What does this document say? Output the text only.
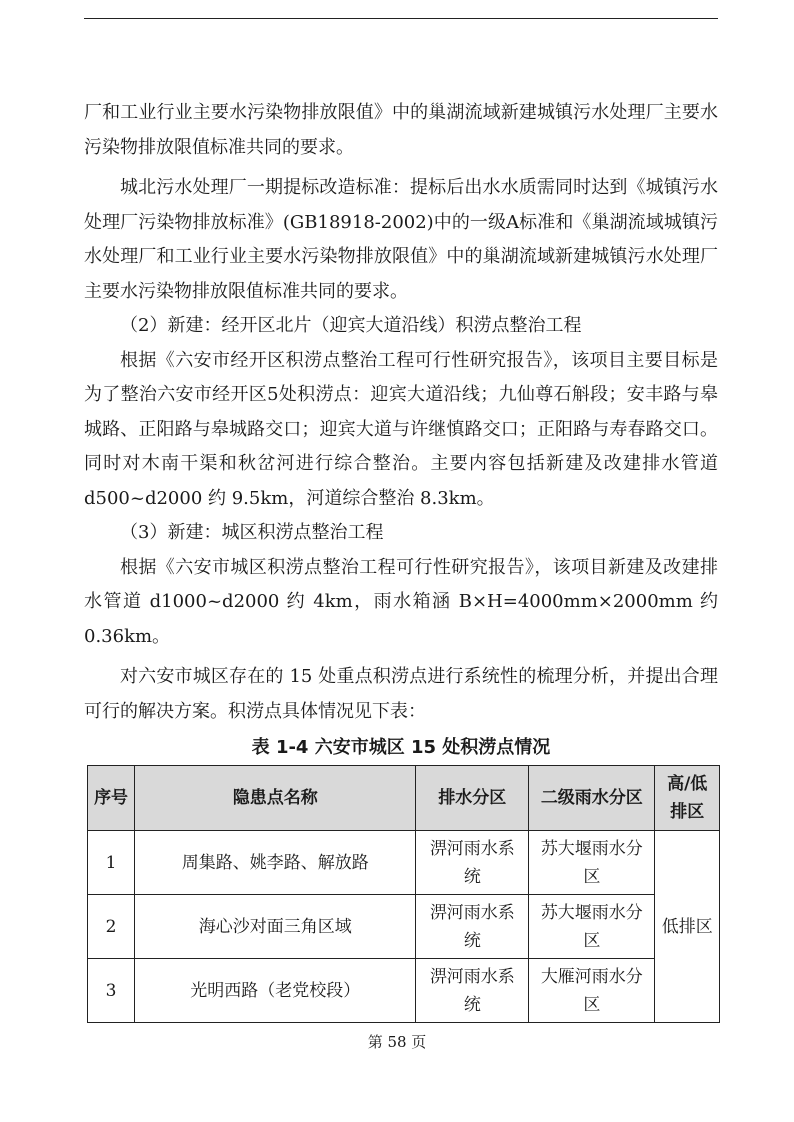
厂和工业行业主要水污染物排放限值》中的巢湖流域新建城镇污水处理厂主要水污染物排放限值标准共同的要求。

城北污水处理厂一期提标改造标准：提标后出水水质需同时达到《城镇污水处理厂污染物排放标准》(GB18918-2002)中的一级A标准和《巢湖流域城镇污水处理厂和工业行业主要水污染物排放限值》中的巢湖流域新建城镇污水处理厂主要水污染物排放限值标准共同的要求。

（2）新建：经开区北片（迎宾大道沿线）积涝点整治工程

根据《六安市经开区积涝点整治工程可行性研究报告》，该项目主要目标是为了整治六安市经开区5处积涝点：迎宾大道沿线；九仙尊石斛段；安丰路与皋城路、正阳路与皋城路交口；迎宾大道与许继慎路交口；正阳路与寿春路交口。同时对木南干渠和秋岔河进行综合整治。主要内容包括新建及改建排水管道 d500~d2000 约 9.5km，河道综合整治 8.3km。

（3）新建：城区积涝点整治工程

根据《六安市城区积涝点整治工程可行性研究报告》，该项目新建及改建排水管道 d1000~d2000 约 4km，雨水箱涵 B×H=4000mm×2000mm 约 0.36km。

对六安市城区存在的 15 处重点积涝点进行系统性的梳理分析，并提出合理可行的解决方案。积涝点具体情况见下表：

表 1-4 六安市城区 15 处积涝点情况
序号	隐患点名称	排水分区	二级雨水分区	高/低排区
1	周集路、姚李路、解放路	淠河雨水系统	苏大堰雨水分区	低排区
2	海心沙对面三角区域	淠河雨水系统	苏大堰雨水分区	
3	光明西路（老党校段）	淠河雨水系统	大雁河雨水分区	
第 58 页
